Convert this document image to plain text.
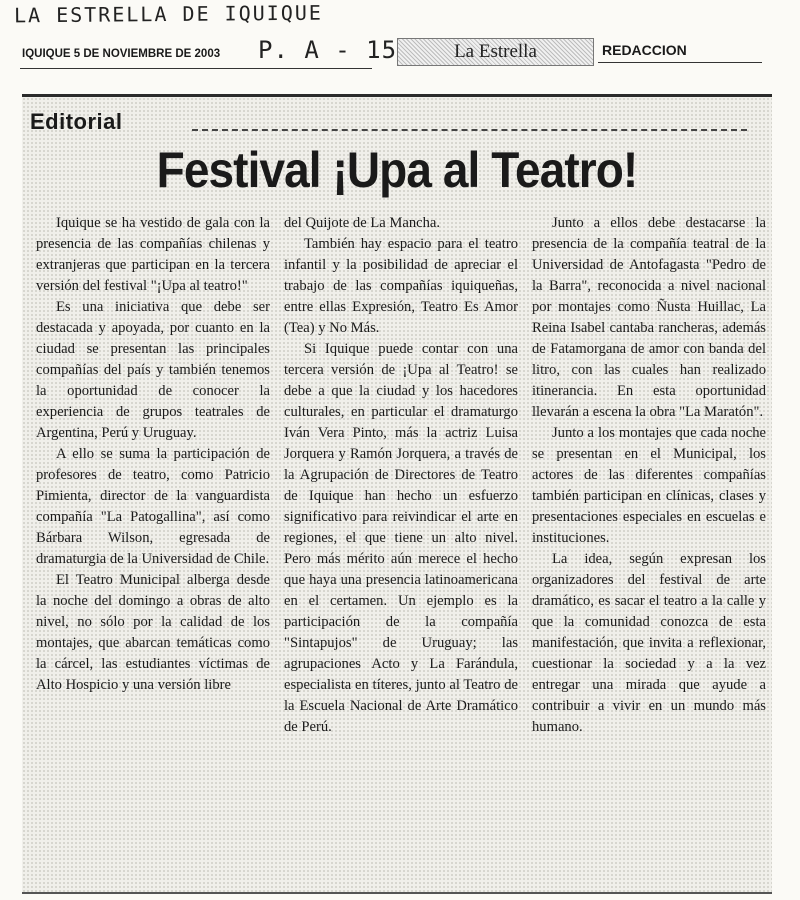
LA ESTRELLA DE IQUIQUE
IQUIQUE 5 DE NOVIEMBRE DE 2003 P. A - 15	La Estrella	REDACCION
Editorial
Festival ¡Upa al Teatro!

Iquique se ha vestido de gala con la presencia de las compañías chilenas y extranjeras que participan en la tercera versión del festival "¡Upa al teatro!"

Es una iniciativa que debe ser destacada y apoyada, por cuanto en la ciudad se presentan las principales compañías del país y también tenemos la oportunidad de conocer la experiencia de grupos teatrales de Argentina, Perú y Uruguay.

A ello se suma la participación de profesores de teatro, como Patricio Pimienta, director de la vanguardista compañía "La Patogallina", así como Bárbara Wilson, egresada de dramaturgia de la Universidad de Chile.

El Teatro Municipal alberga desde la noche del domingo a obras de alto nivel, no sólo por la calidad de los montajes, que abarcan temáticas como la cárcel, las estudiantes víctimas de Alto Hospicio y una versión libre

del Quijote de La Mancha.

También hay espacio para el teatro infantil y la posibilidad de apreciar el trabajo de las compañías iquiqueñas, entre ellas Expresión, Teatro Es Amor (Tea) y No Más.

Si Iquique puede contar con una tercera versión de ¡Upa al Teatro! se debe a que la ciudad y los hacedores culturales, en particular el dramaturgo Iván Vera Pinto, más la actriz Luisa Jorquera y Ramón Jorquera, a través de la Agrupación de Directores de Teatro de Iquique han hecho un esfuerzo significativo para reivindicar el arte en regiones, el que tiene un alto nivel. Pero más mérito aún merece el hecho que haya una presencia latinoamericana en el certamen. Un ejemplo es la participación de la compañía "Sintapujos" de Uruguay; las agrupaciones Acto y La Farándula, especialista en títeres, junto al Teatro de la Escuela Nacional de Arte Dramático de Perú.

Junto a ellos debe destacarse la presencia de la compañía teatral de la Universidad de Antofagasta "Pedro de la Barra", reconocida a nivel nacional por montajes como Ñusta Huillac, La Reina Isabel cantaba rancheras, además de Fatamorgana de amor con banda del litro, con las cuales han realizado itinerancia. En esta oportunidad llevarán a escena la obra "La Maratón".

Junto a los montajes que cada noche se presentan en el Municipal, los actores de las diferentes compañías también participan en clínicas, clases y presentaciones especiales en escuelas e instituciones.

La idea, según expresan los organizadores del festival de arte dramático, es sacar el teatro a la calle y que la comunidad conozca de esta manifestación, que invita a reflexionar, cuestionar la sociedad y a la vez entregar una mirada que ayude a contribuir a vivir en un mundo más humano.
